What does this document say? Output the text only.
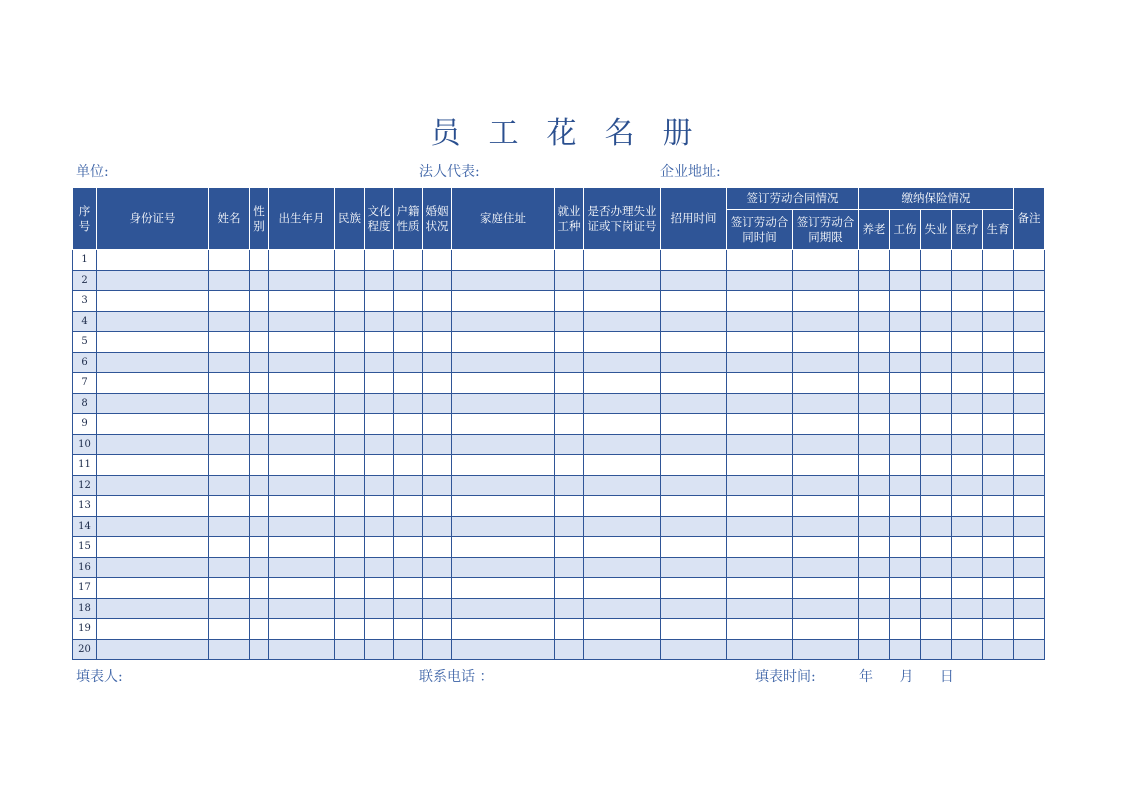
员 工 花 名 册
单位:	法人代表:	企业地址:
序号	身份证号	姓名	性别	出生年月	民族	文化程度	户籍性质	婚姻状况	家庭住址	就业工种	是否办理失业证或下岗证号	招用时间	签订劳动合同情况		缴纳保险情况					备注
													签订劳动合同时间	签订劳动合同期限	养老	工伤	失业	医疗	生育	
1																				
2																				
3																				
4																				
5																				
6																				
7																				
8																				
9																				
10																				
11																				
12																				
13																				
14																				
15																				
16																				
17																				
18																				
19																				
20																				
填表人:	联系电话 ：	填表时间:	年 月 日
